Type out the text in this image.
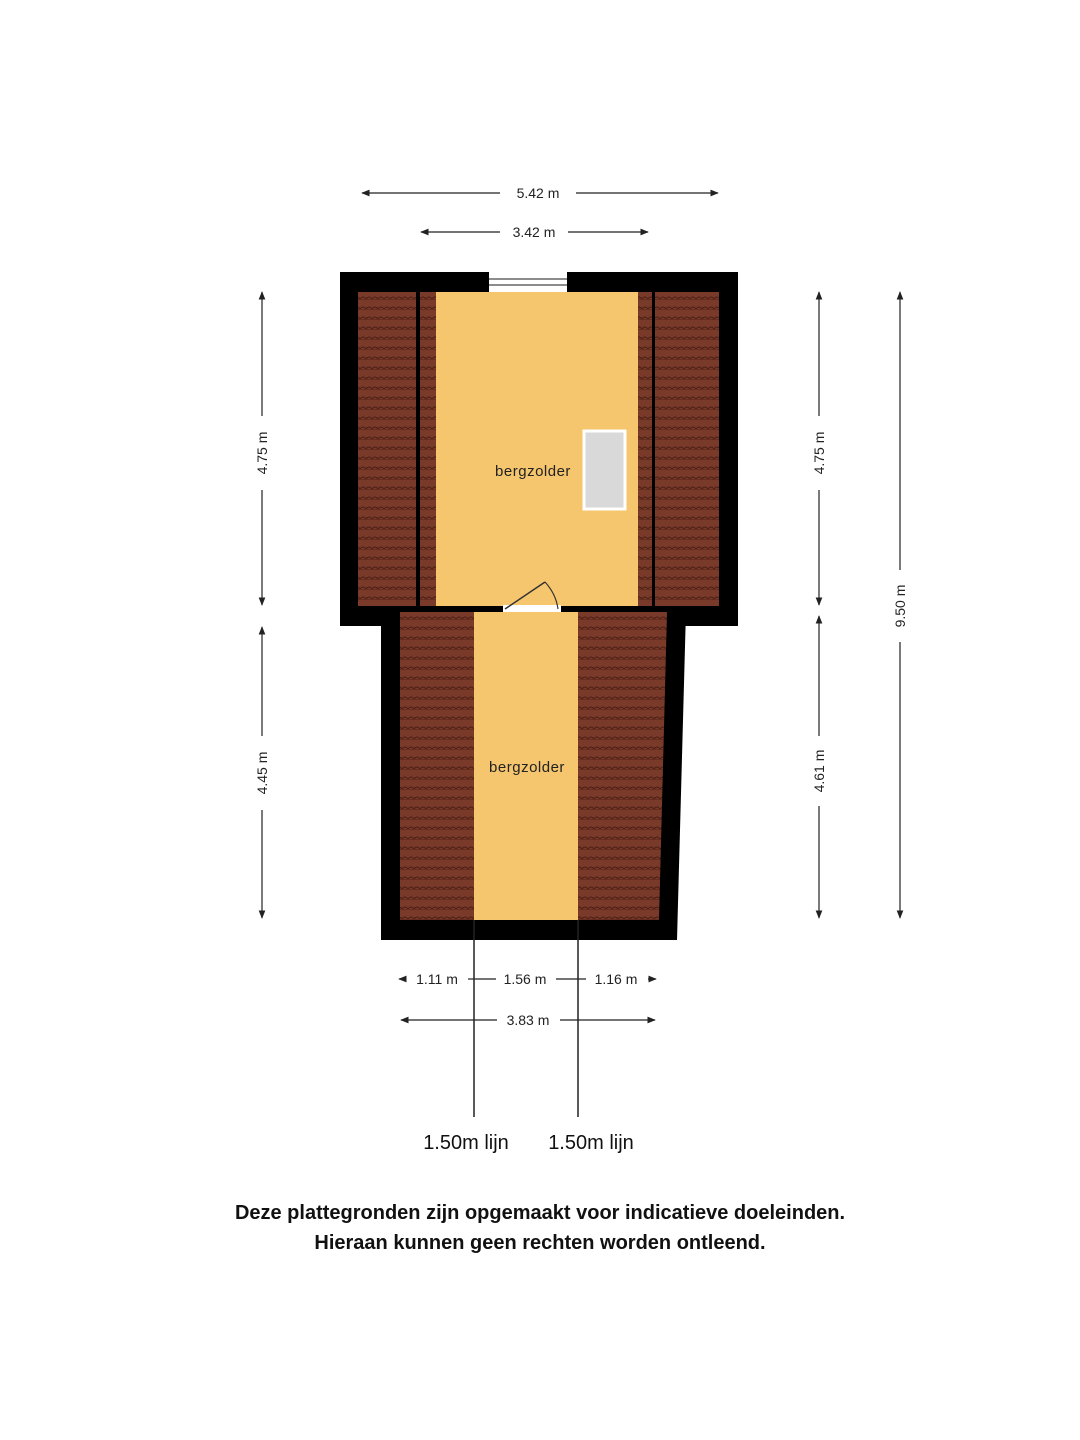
bergzolder
bergzolder
5.42 m
3.42 m
4.75 m
4.45 m
4.75 m
4.61 m
9.50 m
1.11 m	1.56 m	1.16 m
3.83 m
1.50m lijn 1.50m lijn
Deze plattegronden zijn opgemaakt voor indicatieve doeleinden.
Hieraan kunnen geen rechten worden ontleend.
